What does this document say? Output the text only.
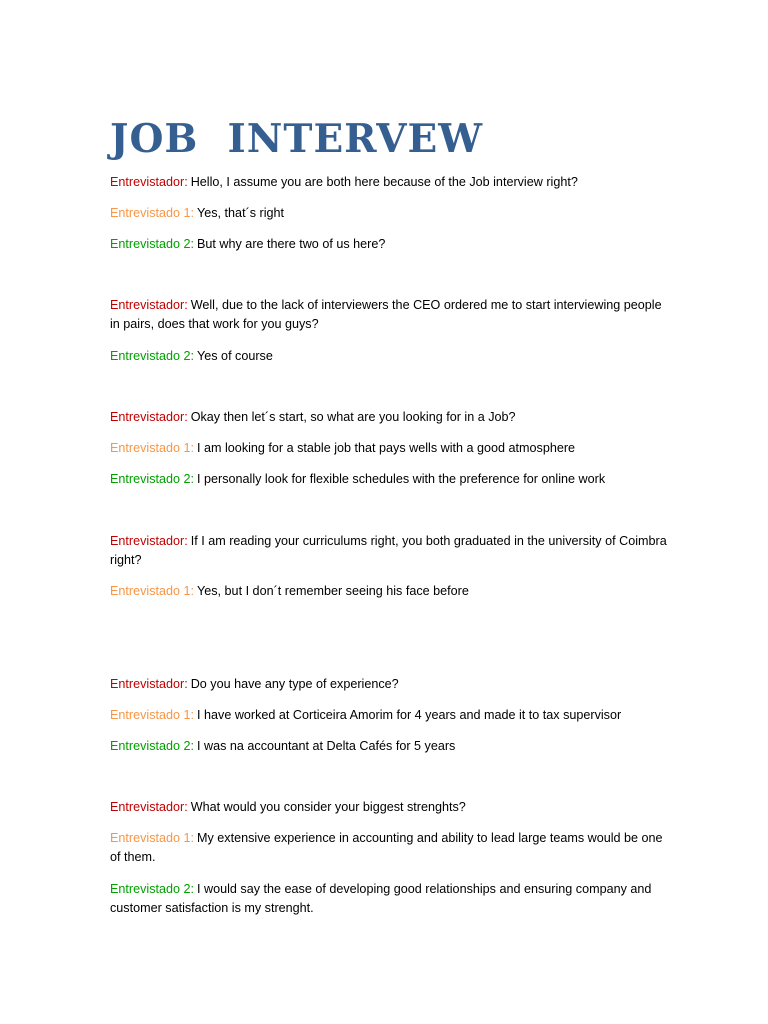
JOB  INTERVEW

Entrevistador: Hello, I assume you are both here because of the Job interview right?

Entrevistado 1: Yes, that´s right

Entrevistado 2: But why are there two of us here?

Entrevistador: Well, due to the lack of interviewers the CEO ordered me to start interviewing people in pairs, does that work for you guys?

Entrevistado 2: Yes of course

Entrevistador: Okay then let´s start, so what are you looking for in a Job?

Entrevistado 1: I am looking for a stable job that pays wells with a good atmosphere

Entrevistado 2: I personally look for flexible schedules with the preference for online work

Entrevistador: If I am reading your curriculums right, you both graduated in the university of Coimbra right?

Entrevistado 1: Yes, but I don´t remember seeing his face before

Entrevistador: Do you have any type of experience?

Entrevistado 1: I have worked at Corticeira Amorim for 4 years and made it to tax supervisor

Entrevistado 2: I was na accountant at Delta Cafés for 5 years

Entrevistador: What would you consider your biggest strenghts?

Entrevistado 1: My extensive experience in accounting and ability to lead large teams would be one of them.

Entrevistado 2: I would say the ease of developing good relationships and ensuring company and customer satisfaction is my strenght.
